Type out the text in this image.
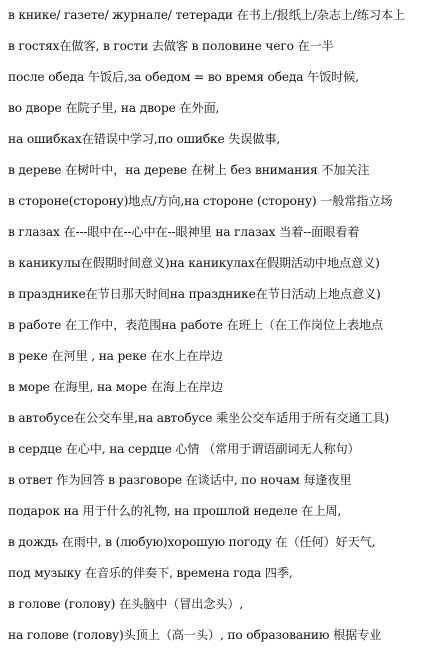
в книке/ газете/ журнале/ тетеради 在书上/报纸上/杂志上/练习本上
в гостях在做客, в гости 去做客 в половине чего 在一半
после обеда 午饭后,за обедом = во время обеда 午饭时候,
во дворе 在院子里, на дворе 在外面,
на ошибках在错误中学习,по ошибке 失误做事,
в дереве 在树叶中，на дереве 在树上 без внимания 不加关注
в стороне(сторону)地点/方向,на стороне (сторону) 一般常指立场
в глазах 在---眼中在--心中在--眼神里 на глазах 当着--面眼看着
в каникулы在假期时间意义)на каникулах在假期活动中地点意义)
в празднике在节日那天时间на празднике在节日活动上地点意义)
в работе 在工作中，表范围на работе 在班上（在工作岗位上表地点
в реке 在河里 , на реке 在水上在岸边
в море 在海里, на море 在海上在岸边
в автобусе在公交车里,на автобусе 乘坐公交车适用于所有交通工具)
в сердце 在心中, на сердце 心情 （常用于谓语副词无人称句）
в ответ 作为回答 в разговоре 在谈话中, по ночам 每逢夜里
подарок на 用于什么的礼物, на прошлой неделе 在上周,
в дождь 在雨中, в (любую)хорошую погоду 在（任何）好天气,
под музыку 在音乐的伴奏下, времена года 四季,
в голове (голову) 在头脑中（冒出念头）,
на голове (голову)头顶上（高一头）, по образованию 根据专业
